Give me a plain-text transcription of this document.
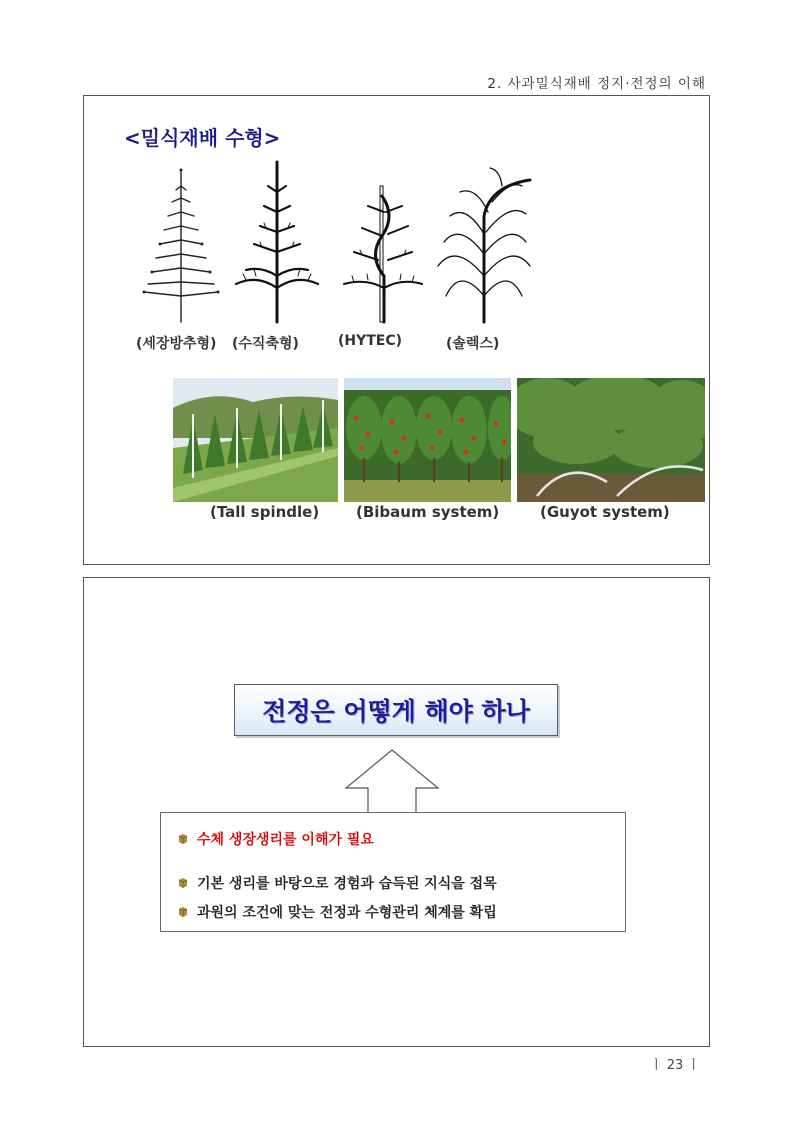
2. 사과밀식재배 정지·전정의 이해
<밀식재배 수형>
(세장방추형) (수직축형)	(HYTEC)	(솔렉스)
(Tall spindle) (Bibaum system)	(Guyot system)
전정은 어떻게 해야 하나
수체 생장생리를 이해가 필요
기본 생리를 바탕으로 경험과 습득된 지식을 접목
과원의 조건에 맞는 전정과 수형관리 체계를 확립
ㅣ 23 ㅣ
